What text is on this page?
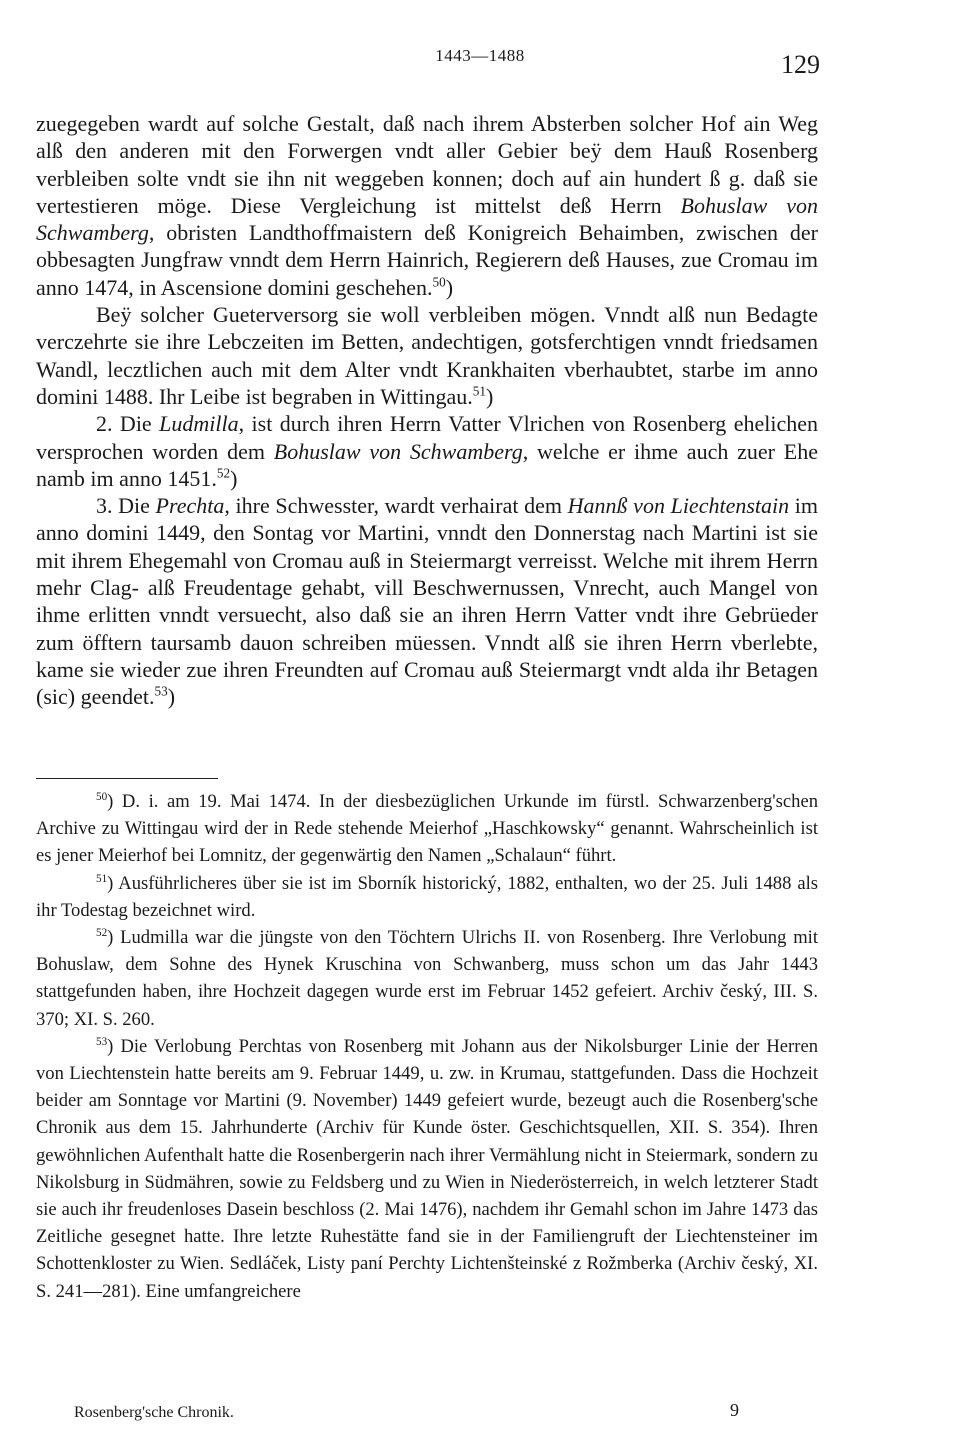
1443—1488	129

zuegegeben wardt auf solche Gestalt, daß nach ihrem Absterben solcher Hof ain Weg alß den anderen mit den Forwergen vndt aller Gebier beÿ dem Hauß Rosenberg verbleiben solte vndt sie ihn nit weggeben konnen; doch auf ain hundert ß g. daß sie vertestieren möge. Diese Vergleichung ist mittelst deß Herrn Bohuslaw von Schwamberg, obristen Landthoffmaistern deß Konigreich Behaimben, zwischen der obbesagten Jungfraw vnndt dem Herrn Hainrich, Regierern deß Hauses, zue Cromau im anno 1474, in Ascensione domini geschehen.$^{50}$)

Beÿ solcher Gueterversorg sie woll verbleiben mögen. Vnndt alß nun Bedagte verczehrte sie ihre Lebczeiten im Betten, andechtigen, gotsferchtigen vnndt friedsamen Wandl, lecztlichen auch mit dem Alter vndt Krankhaiten vberhaubtet, starbe im anno domini 1488. Ihr Leibe ist begraben in Wittingau.$^{51}$)

2. Die Ludmilla, ist durch ihren Herrn Vatter Vlrichen von Rosenberg ehelichen versprochen worden dem Bohuslaw von Schwamberg, welche er ihme auch zuer Ehe namb im anno 1451.52)

3. Die Prechta, ihre Schwesster, wardt verhairat dem Hannß von Liechtenstain im anno domini 1449, den Sontag vor Martini, vnndt den Donnerstag nach Martini ist sie mit ihrem Ehegemahl von Cromau auß in Steiermargt verreisst. Welche mit ihrem Herrn mehr Clag- alß Freudentage gehabt, vill Beschwernussen, Vnrecht, auch Mangel von ihme erlitten vnndt versuecht, also daß sie an ihren Herrn Vatter vndt ihre Gebrüeder zum öfftern taursamb dauon schreiben müessen. Vnndt alß sie ihren Herrn vberlebte, kame sie wieder zue ihren Freundten auf Cromau auß Steiermargt vndt alda ihr Betagen (sic) geendet.$^{53}$)

$^{50}$) D. i. am 19. Mai 1474. In der diesbezüglichen Urkunde im fürstl. Schwarzenberg'schen Archive zu Wittingau wird der in Rede stehende Meierhof „Haschkowsky“ genannt. Wahrscheinlich ist es jener Meierhof bei Lomnitz, der gegenwärtig den Namen „Schalaun“ führt.

$^{51}$) Ausführlicheres über sie ist im Sborník historický, 1882, enthalten, wo der 25. Juli 1488 als ihr Todestag bezeichnet wird.

$^{52}$) Ludmilla war die jüngste von den Töchtern Ulrichs II. von Rosenberg. Ihre Verlobung mit Bohuslaw, dem Sohne des Hynek Kruschina von Schwanberg, muss schon um das Jahr 1443 stattgefunden haben, ihre Hochzeit dagegen wurde erst im Februar 1452 gefeiert. Archiv český, III. S. 370; XI. S. 260.

$^{53}$) Die Verlobung Perchtas von Rosenberg mit Johann aus der Nikolsburger Linie der Herren von Liechtenstein hatte bereits am 9. Februar 1449, u. zw. in Krumau, stattgefunden. Dass die Hochzeit beider am Sonntage vor Martini (9. November) 1449 gefeiert wurde, bezeugt auch die Rosenberg'sche Chronik aus dem 15. Jahrhunderte (Archiv für Kunde öster. Geschichtsquellen, XII. S. 354). Ihren gewöhnlichen Aufenthalt hatte die Rosenbergerin nach ihrer Vermählung nicht in Steiermark, sondern zu Nikolsburg in Südmähren, sowie zu Feldsberg und zu Wien in Niederösterreich, in welch letzterer Stadt sie auch ihr freudenloses Dasein beschloss (2. Mai 1476), nachdem ihr Gemahl schon im Jahre 1473 das Zeitliche gesegnet hatte. Ihre letzte Ruhestätte fand sie in der Familiengruft der Liechtensteiner im Schottenkloster zu Wien. Sedláček, Listy paní Perchty Lichtenšteinské z Rožmberka (Archiv český, XI. S. 241—281). Eine umfangreichere

Rosenberg'sche Chronik.	9
